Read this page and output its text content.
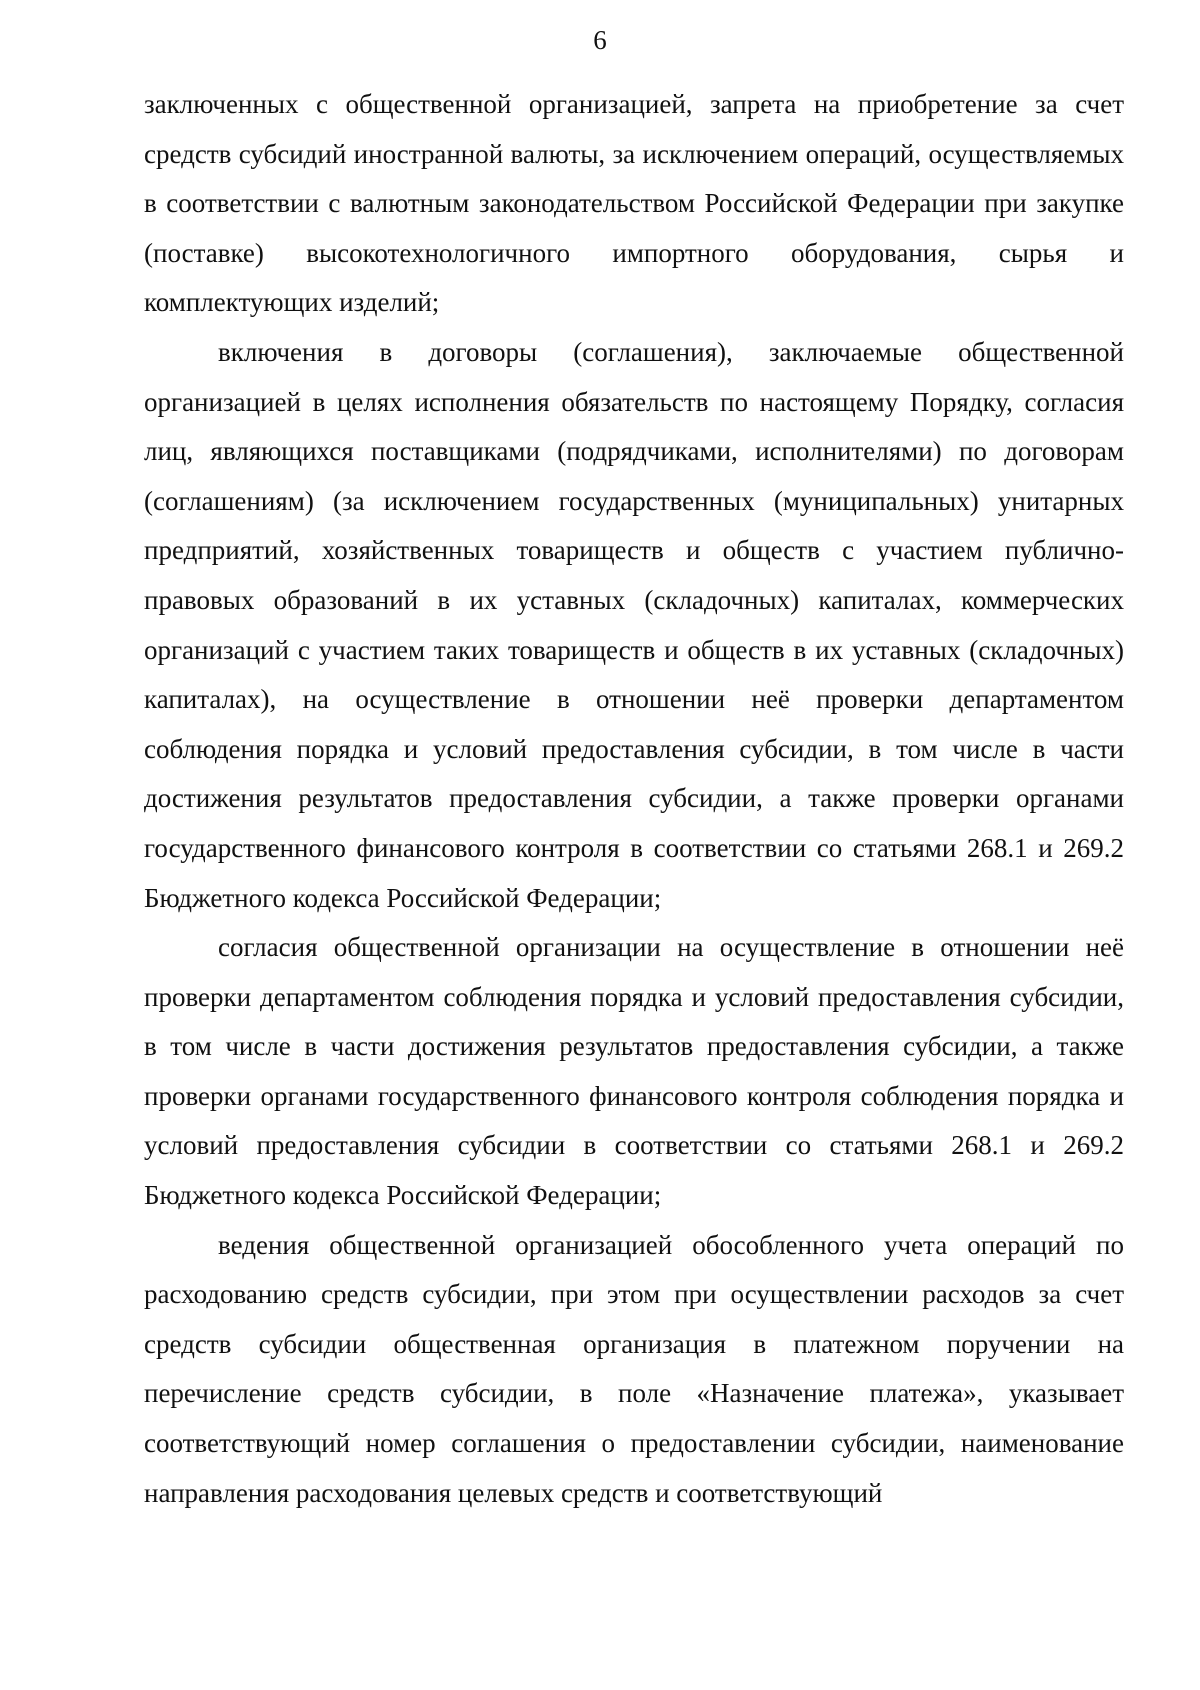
6

заключенных с общественной организацией, запрета на приобретение за счет средств субсидий иностранной валюты, за исключением операций, осуществляемых в соответствии с валютным законодательством Российской Федерации при закупке (поставке) высокотехнологичного импортного оборудования, сырья и комплектующих изделий;

включения в договоры (соглашения), заключаемые общественной организацией в целях исполнения обязательств по настоящему Порядку, согласия лиц, являющихся поставщиками (подрядчиками, исполнителями) по договорам (соглашениям) (за исключением государственных (муниципальных) унитарных предприятий, хозяйственных товариществ и обществ с участием публично-правовых образований в их уставных (складочных) капиталах, коммерческих организаций с участием таких товариществ и обществ в их уставных (складочных) капиталах), на осуществление в отношении неё проверки департаментом соблюдения порядка и условий предоставления субсидии, в том числе в части достижения результатов предоставления субсидии, а также проверки органами государственного финансового контроля в соответствии со статьями 268.1 и 269.2 Бюджетного кодекса Российской Федерации;

согласия общественной организации на осуществление в отношении неё проверки департаментом соблюдения порядка и условий предоставления субсидии, в том числе в части достижения результатов предоставления субсидии, а также проверки органами государственного финансового контроля соблюдения порядка и условий предоставления субсидии в соответствии со статьями 268.1 и 269.2 Бюджетного кодекса Российской Федерации;

ведения общественной организацией обособленного учета операций по расходованию средств субсидии, при этом при осуществлении расходов за счет средств субсидии общественная организация в платежном поручении на перечисление средств субсидии, в поле «Назначение платежа», указывает соответствующий номер соглашения о предоставлении субсидии, наименование направления расходования целевых средств и соответствующий
